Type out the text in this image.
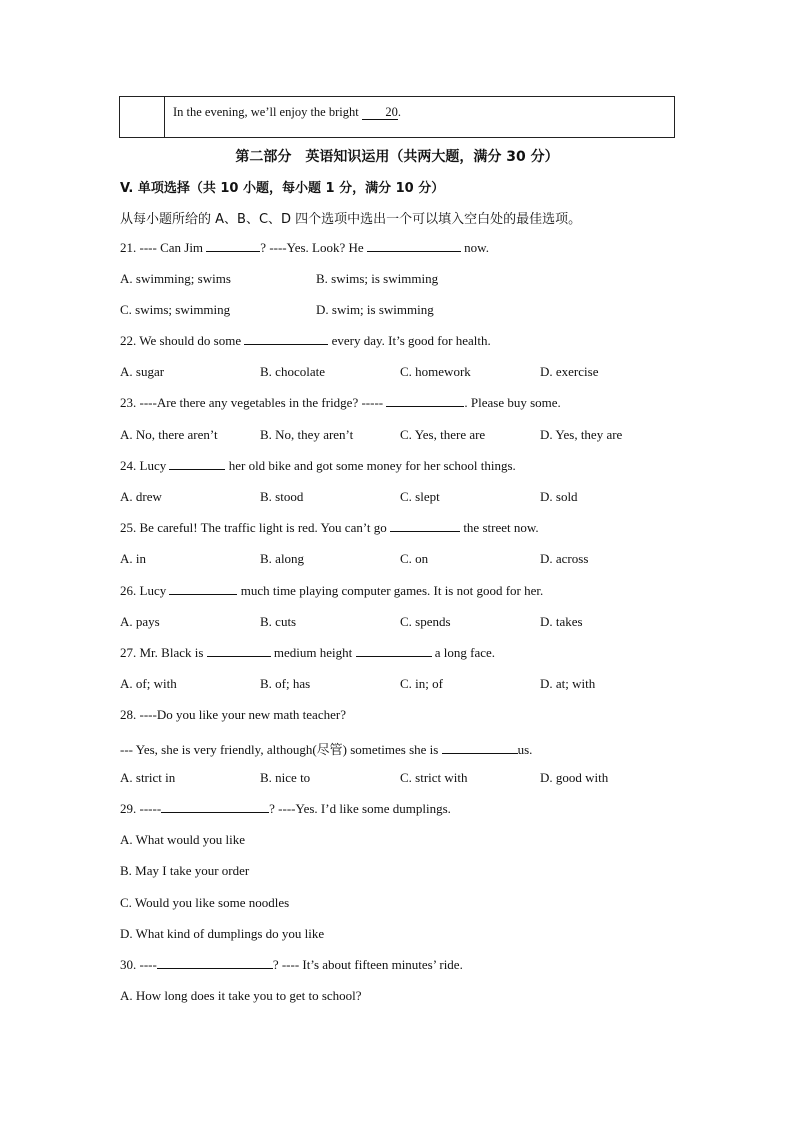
	In the evening, we’ll enjoy the bright 20.
第二部分　英语知识运用（共两大题，满分 30 分）
V. 单项选择（共 10 小题，每小题 1 分，满分 10 分）
从每小题所给的 A、B、C、D 四个选项中选出一个可以填入空白处的最佳选项。
21. ---- Can Jim	? ----Yes. Look? He	now.
A. swimming; swims	B. swims; is swimming
C. swims; swimming	D. swim; is swimming
22. We should do some	every day. It’s good for health.
A. sugar	B. chocolate	C. homework	D. exercise
23. ----Are there any vegetables in the fridge? -----	. Please buy some.
A. No, there aren’t	B. No, they aren’t	C. Yes, there are	D. Yes, they are
24. Lucy	her old bike and got some money for her school things.
A. drew	B. stood	C. slept	D. sold
25. Be careful! The traffic light is red. You can’t go	the street now.
A. in	B. along	C. on	D. across
26. Lucy	much time playing computer games. It is not good for her.
A. pays	B. cuts	C. spends	D. takes
27. Mr. Black is	medium height	a long face.
A. of; with	B. of; has	C. in; of	D. at; with
28. ----Do you like your new math teacher?
--- Yes, she is very friendly, although(尽管) sometimes she is	us.
A. strict in	B. nice to	C. strict with	D. good with
29. -----	? ----Yes. I’d like some dumplings.
A. What would you like
B. May I take your order
C. Would you like some noodles
D. What kind of dumplings do you like
30. ----	? ---- It’s about fifteen minutes’ ride.
A. How long does it take you to get to school?
